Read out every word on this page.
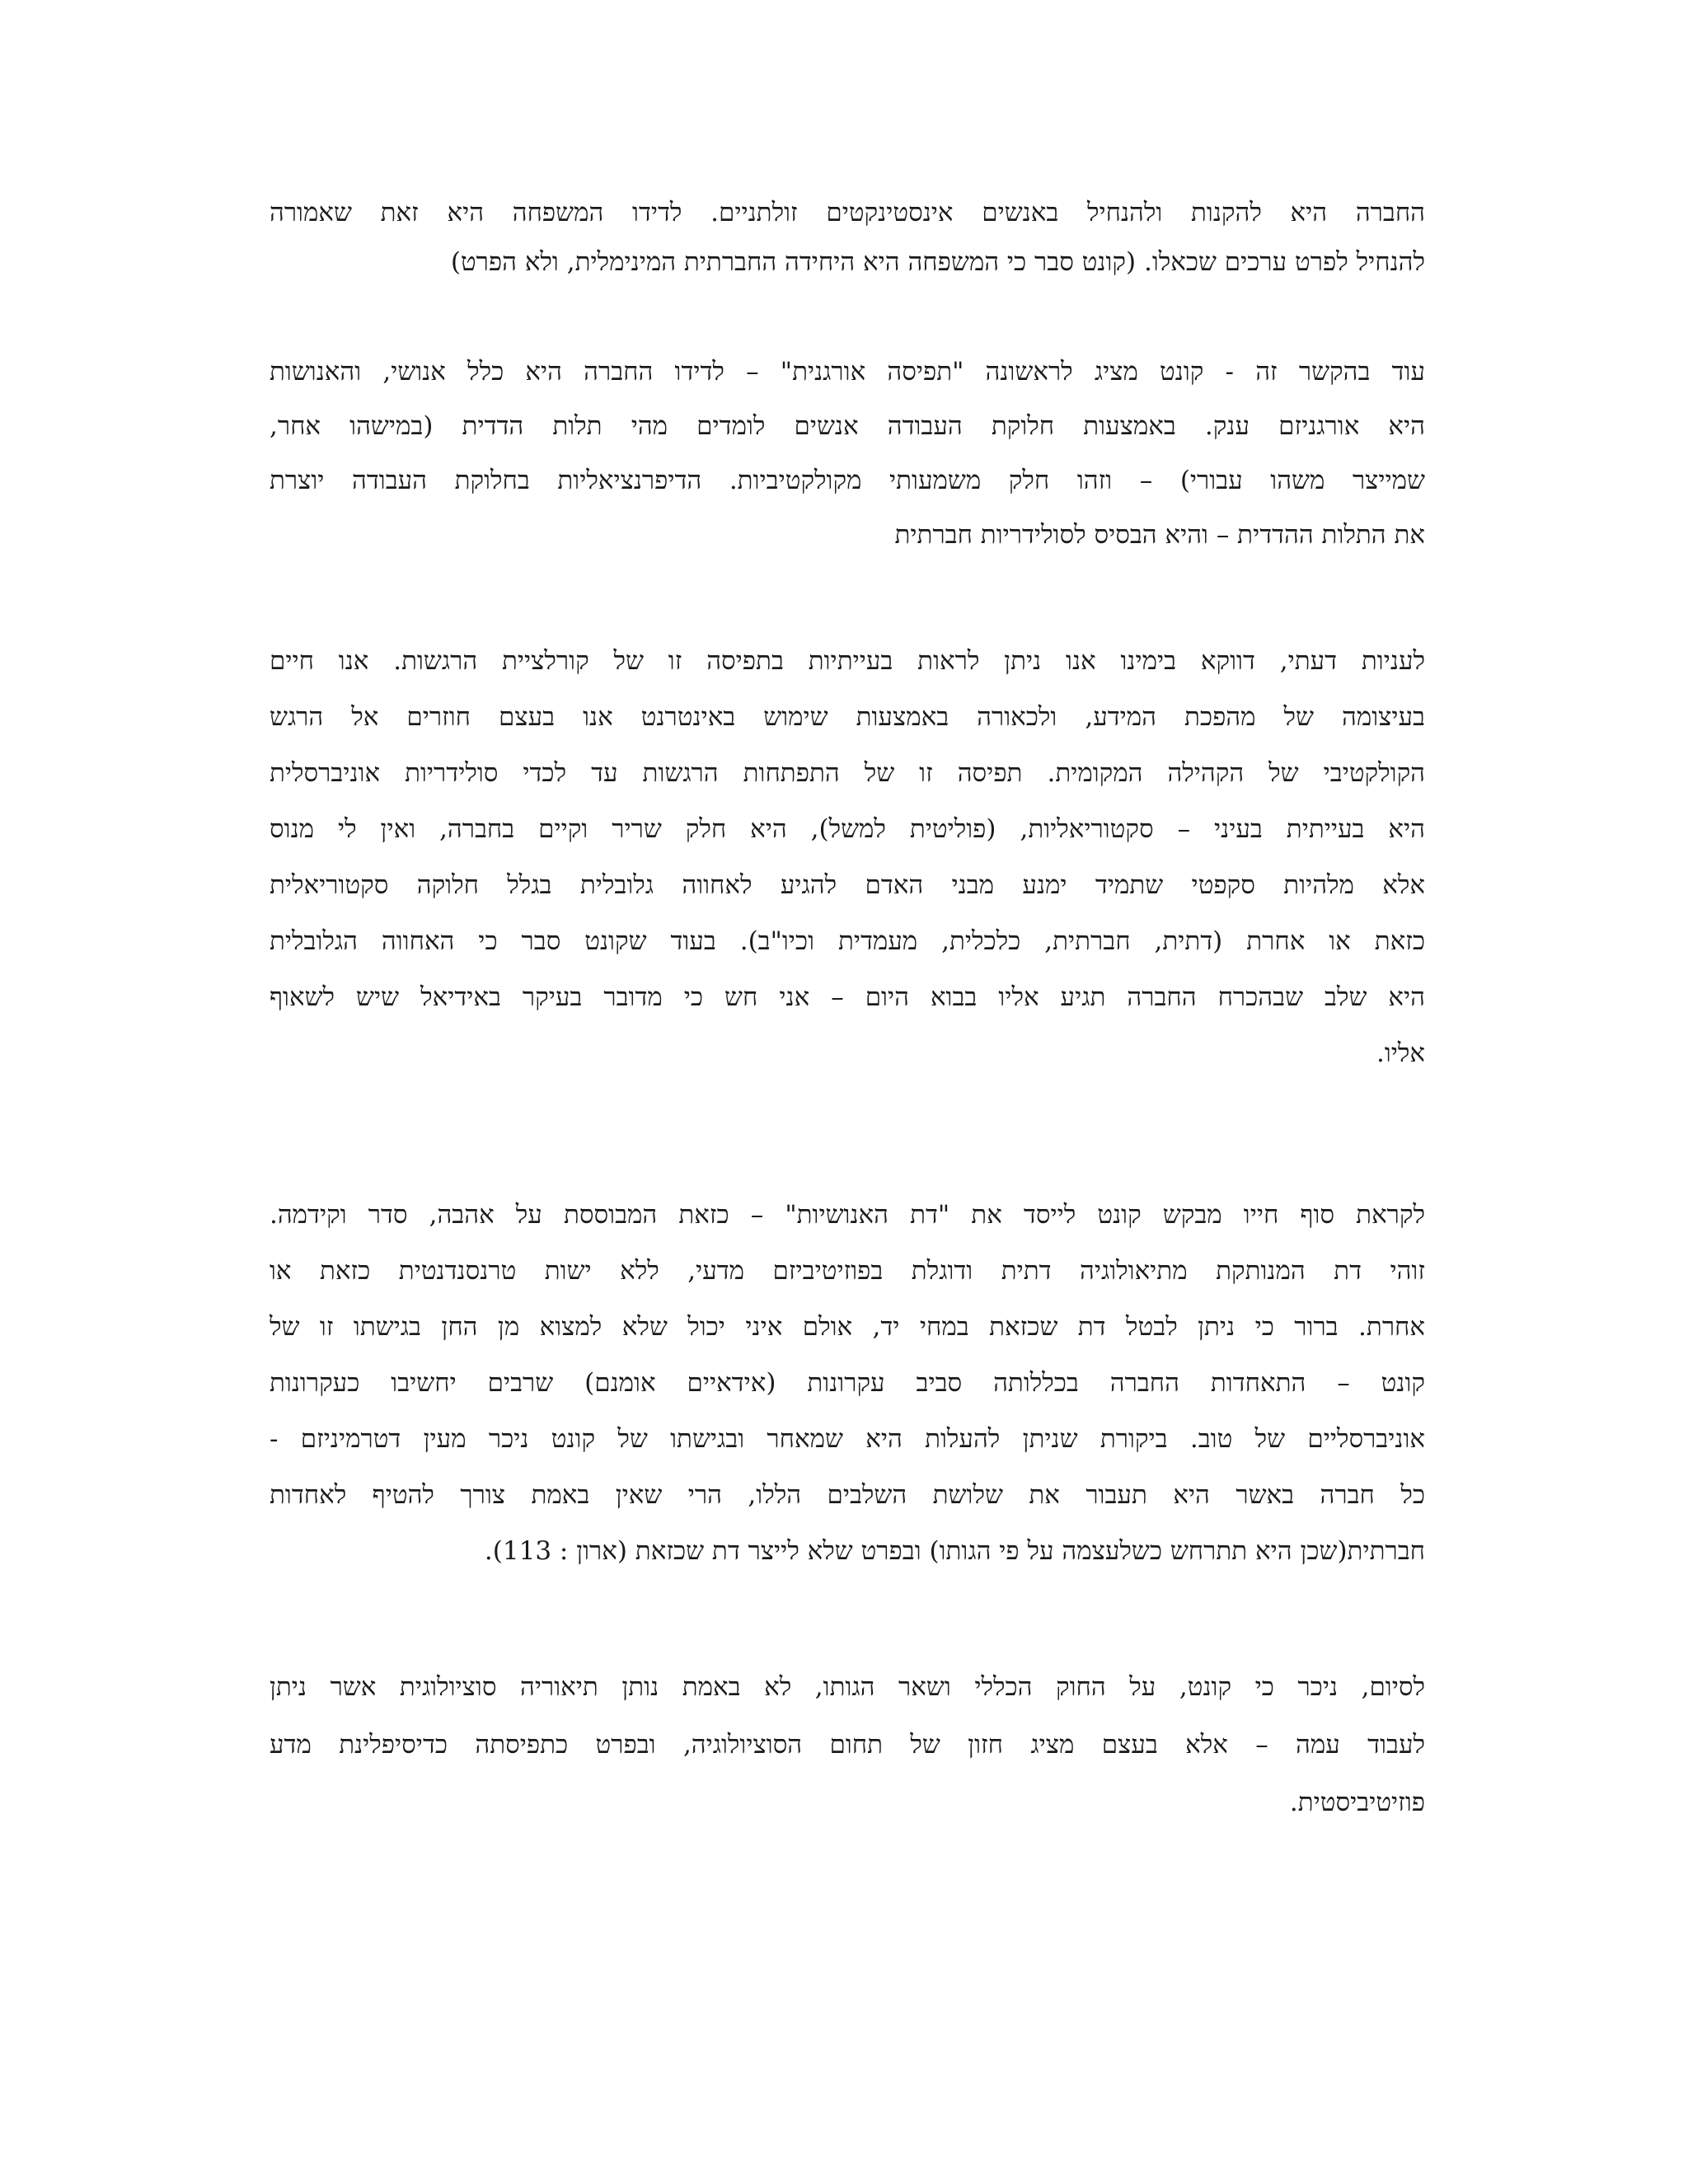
החברה היא להקנות ולהנחיל באנשים אינסטינקטים זולתניים. לדידו המשפחה היא זאת שאמורה
להנחיל לפרט ערכים שכאלו. (קונט סבר כי המשפחה היא היחידה החברתית המינימלית, ולא הפרט)
עוד בהקשר זה - קונט מציג לראשונה "תפיסה אורגנית" – לדידו החברה היא כלל אנושי, והאנושות
היא אורגניזם ענק. באמצעות חלוקת העבודה אנשים לומדים מהי תלות הדדית (במישהו אחר,
שמייצר משהו עבורי) – וזהו חלק משמעותי מקולקטיביות. הדיפרנציאליות בחלוקת העבודה יוצרת
את התלות ההדדית – והיא הבסיס לסולידריות חברתית
לעניות דעתי, דווקא בימינו אנו ניתן לראות בעייתיות בתפיסה זו של קורלציית הרגשות. אנו חיים
בעיצומה של מהפכת המידע, ולכאורה באמצעות שימוש באינטרנט אנו בעצם חוזרים אל הרגש
הקולקטיבי של הקהילה המקומית. תפיסה זו של התפתחות הרגשות עד לכדי סולידריות אוניברסלית
היא בעייתית בעיני – סקטוריאליות, (פוליטית למשל), היא חלק שריר וקיים בחברה, ואין לי מנוס
אלא מלהיות סקפטי שתמיד ימנע מבני האדם להגיע לאחווה גלובלית בגלל חלוקה סקטוריאלית
כזאת או אחרת (דתית, חברתית, כלכלית, מעמדית וכיו"ב). בעוד שקונט סבר כי האחווה הגלובלית
היא שלב שבהכרח החברה תגיע אליו בבוא היום – אני חש כי מדובר בעיקר באידיאל שיש לשאוף
אליו.
לקראת סוף חייו מבקש קונט לייסד את "דת האנושיות" – כזאת המבוססת על אהבה, סדר וקידמה.
זוהי דת המנותקת מתיאולוגיה דתית ודוגלת בפוזיטיביזם מדעי, ללא ישות טרנסנדנטית כזאת או
אחרת. ברור כי ניתן לבטל דת שכזאת במחי יד, אולם איני יכול שלא למצוא מן החן בגישתו זו של
קונט – התאחדות החברה בכללותה סביב עקרונות (אידאיים אומנם) שרבים יחשיבו כעקרונות
אוניברסליים של טוב. ביקורת שניתן להעלות היא שמאחר ובגישתו של קונט ניכר מעין דטרמיניזם -
כל חברה באשר היא תעבור את שלושת השלבים הללו, הרי שאין באמת צורך להטיף לאחדות
חברתית(שכן היא תתרחש כשלעצמה על פי הגותו) ובפרט שלא לייצר דת שכזאת (ארון : 113).
לסיום, ניכר כי קונט, על החוק הכללי ושאר הגותו, לא באמת נותן תיאוריה סוציולוגית אשר ניתן
לעבוד עמה – אלא בעצם מציג חזון של תחום הסוציולוגיה, ובפרט כתפיסתה כדיסיפלינת מדע
פוזיטיביסטית.
